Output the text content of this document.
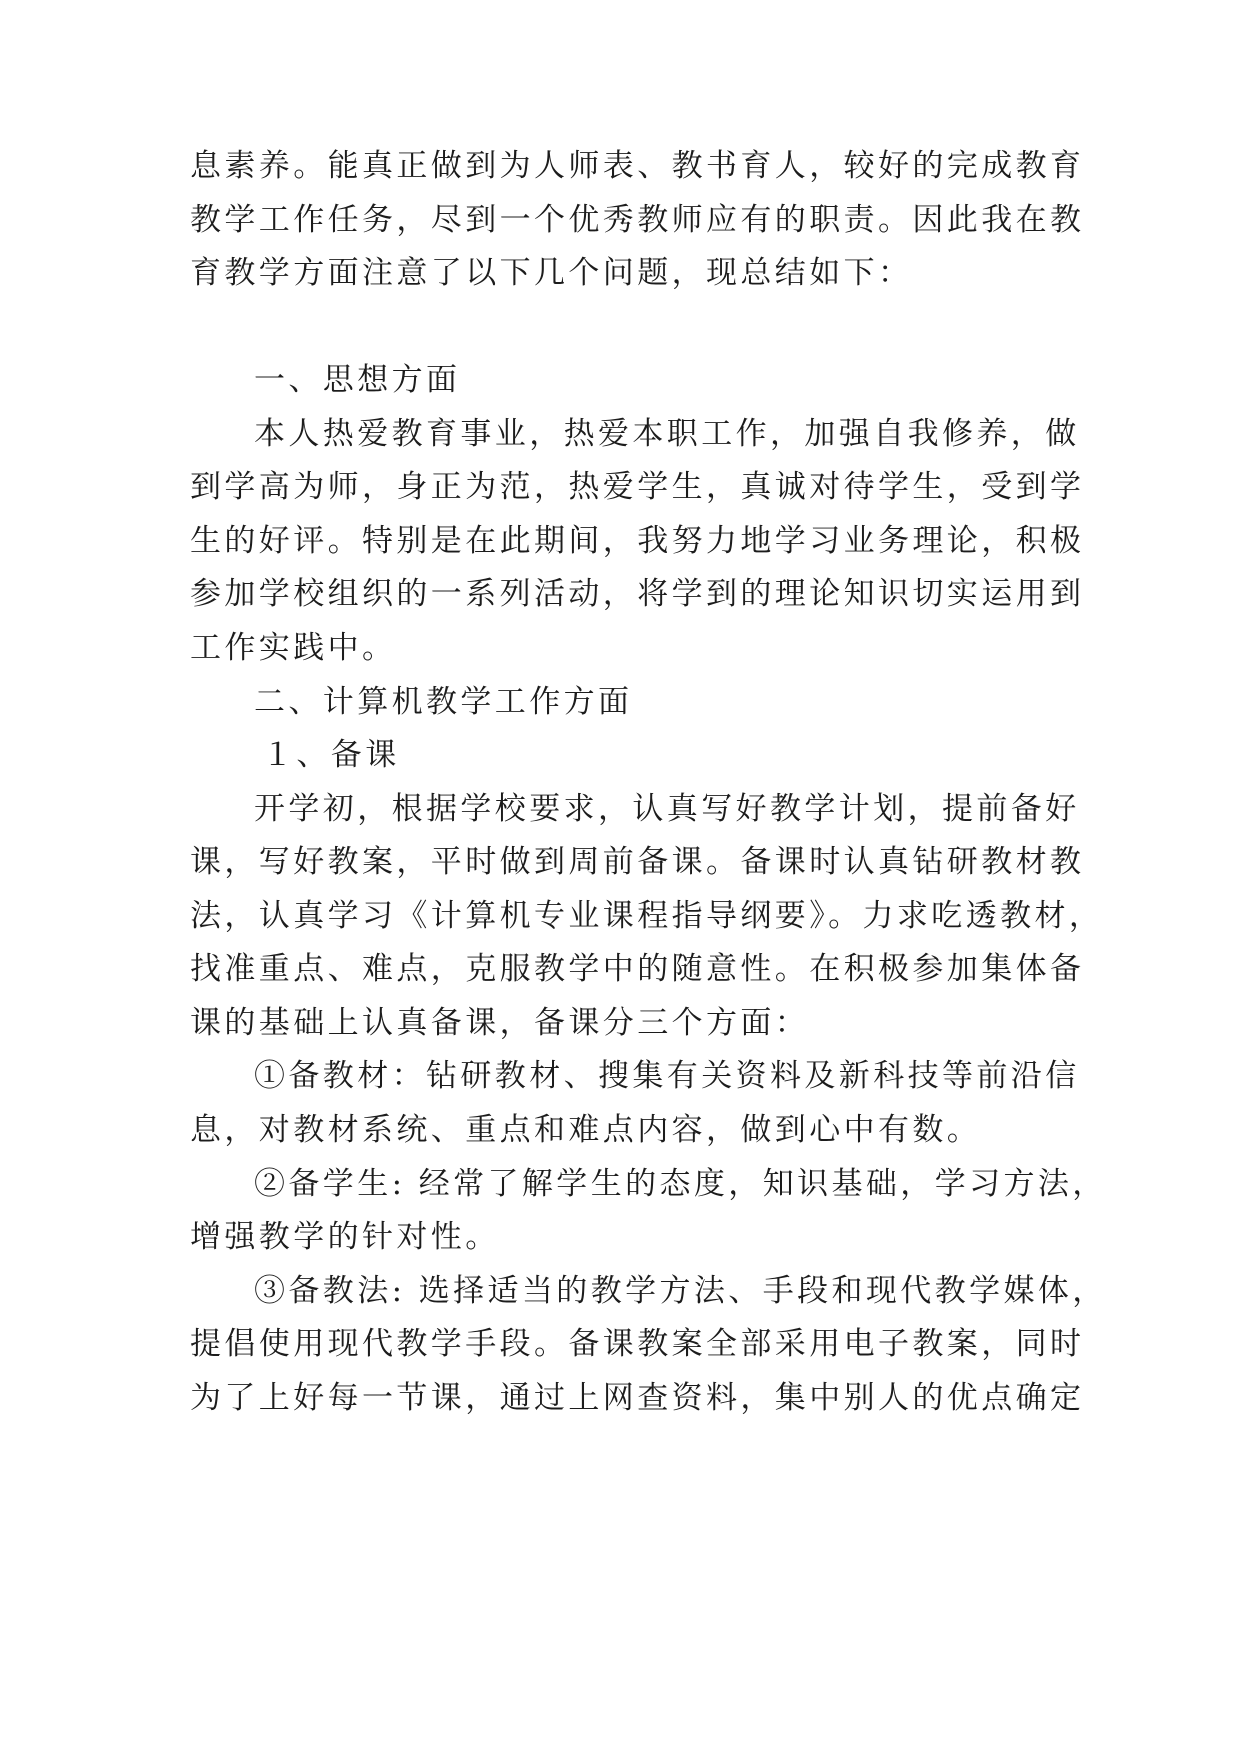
息素养。能真正做到为人师表、教书育人，较好的完成教育
教学工作任务，尽到一个优秀教师应有的职责。因此我在教
育教学方面注意了以下几个问题，现总结如下：
一、思想方面
本人热爱教育事业，热爱本职工作，加强自我修养，做
到学高为师，身正为范，热爱学生，真诚对待学生，受到学
生的好评。特别是在此期间，我努力地学习业务理论，积极
参加学校组织的一系列活动，将学到的理论知识切实运用到
工作实践中。
二、计算机教学工作方面
１、备课
开学初，根据学校要求，认真写好教学计划，提前备好
课，写好教案，平时做到周前备课。备课时认真钻研教材教
法，认真学习《计算机专业课程指导纲要》。力求吃透教材，
找准重点、难点，克服教学中的随意性。在积极参加集体备
课的基础上认真备课，备课分三个方面：
①备教材：钻研教材、搜集有关资料及新科技等前沿信
息，对教材系统、重点和难点内容，做到心中有数。
②备学生: 经常了解学生的态度，知识基础，学习方法，
增强教学的针对性。
③备教法: 选择适当的教学方法、手段和现代教学媒体，
提倡使用现代教学手段。备课教案全部采用电子教案，同时
为了上好每一节课，通过上网查资料，集中别人的优点确定
